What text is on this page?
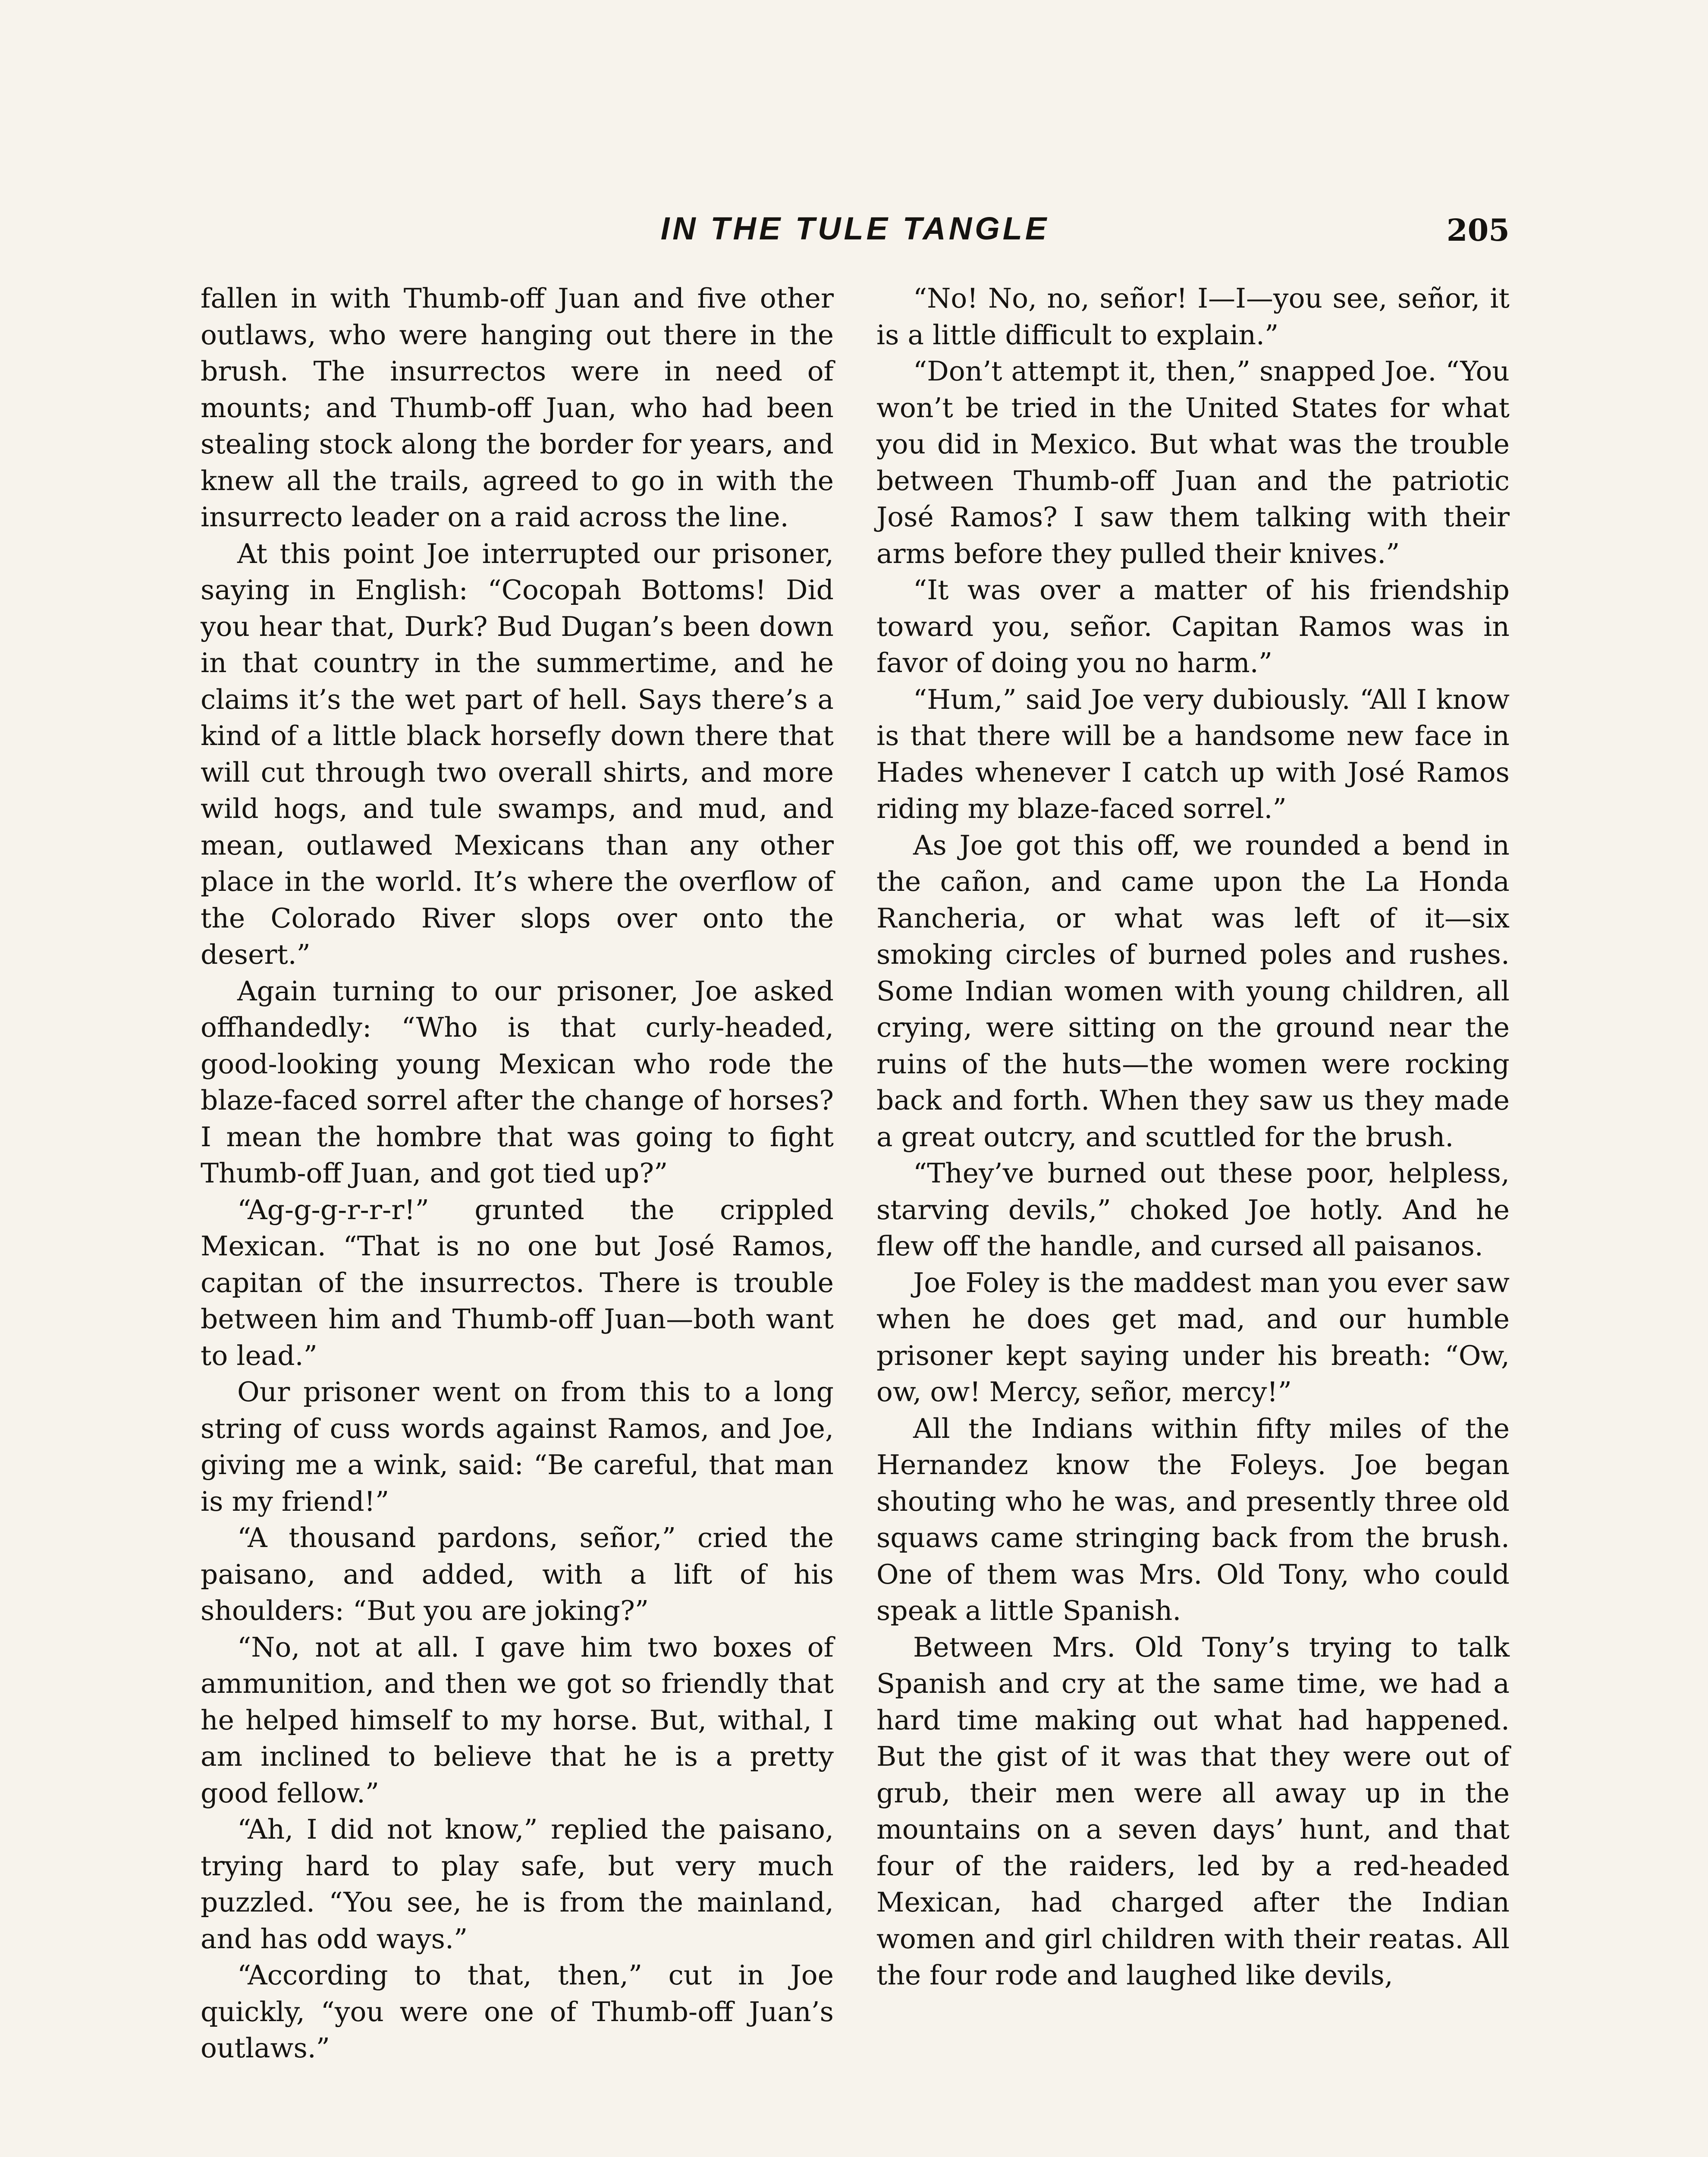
IN THE TULE TANGLE	205

fallen in with Thumb-off Juan and five other outlaws, who were hanging out there in the brush. The insurrectos were in need of mounts; and Thumb-off Juan, who had been stealing stock along the border for years, and knew all the trails, agreed to go in with the insurrecto leader on a raid across the line.

At this point Joe interrupted our prisoner, saying in English: “Cocopah Bottoms! Did you hear that, Durk? Bud Dugan’s been down in that country in the summertime, and he claims it’s the wet part of hell. Says there’s a kind of a little black horsefly down there that will cut through two overall shirts, and more wild hogs, and tule swamps, and mud, and mean, outlawed Mexicans than any other place in the world. It’s where the overflow of the Colorado River slops over onto the desert.”

Again turning to our prisoner, Joe asked offhandedly: “Who is that curly-headed, good-looking young Mexican who rode the blaze-faced sorrel after the change of horses? I mean the hombre that was going to fight Thumb-off Juan, and got tied up?”

“Ag-g-g-r-r-r!” grunted the crippled Mexican. “That is no one but José Ramos, capitan of the insurrectos. There is trouble between him and Thumb-off Juan—both want to lead.”

Our prisoner went on from this to a long string of cuss words against Ramos, and Joe, giving me a wink, said: “Be careful, that man is my friend!”

“A thousand pardons, señor,” cried the paisano, and added, with a lift of his shoulders: “But you are joking?”

“No, not at all. I gave him two boxes of ammunition, and then we got so friendly that he helped himself to my horse. But, withal, I am inclined to believe that he is a pretty good fellow.”

“Ah, I did not know,” replied the paisano, trying hard to play safe, but very much puzzled. “You see, he is from the mainland, and has odd ways.”

“According to that, then,” cut in Joe quickly, “you were one of Thumb-off Juan’s outlaws.”

“No! No, no, señor! I—I—you see, señor, it is a little difficult to explain.”

“Don’t attempt it, then,” snapped Joe. “You won’t be tried in the United States for what you did in Mexico. But what was the trouble between Thumb-off Juan and the patriotic José Ramos? I saw them talking with their arms before they pulled their knives.”

“It was over a matter of his friendship toward you, señor. Capitan Ramos was in favor of doing you no harm.”

“Hum,” said Joe very dubiously. “All I know is that there will be a handsome new face in Hades whenever I catch up with José Ramos riding my blaze-faced sorrel.”

As Joe got this off, we rounded a bend in the cañon, and came upon the La Honda Rancheria, or what was left of it—six smoking circles of burned poles and rushes. Some Indian women with young children, all crying, were sitting on the ground near the ruins of the huts—the women were rocking back and forth. When they saw us they made a great outcry, and scuttled for the brush.

“They’ve burned out these poor, helpless, starving devils,” choked Joe hotly. And he flew off the handle, and cursed all paisanos.

Joe Foley is the maddest man you ever saw when he does get mad, and our humble prisoner kept saying under his breath: “Ow, ow, ow! Mercy, señor, mercy!”

All the Indians within fifty miles of the Hernandez know the Foleys. Joe began shouting who he was, and presently three old squaws came stringing back from the brush. One of them was Mrs. Old Tony, who could speak a little Spanish.

Between Mrs. Old Tony’s trying to talk Spanish and cry at the same time, we had a hard time making out what had happened. But the gist of it was that they were out of grub, their men were all away up in the mountains on a seven days’ hunt, and that four of the raiders, led by a red-headed Mexican, had charged after the Indian women and girl children with their reatas. All the four rode and laughed like devils,
